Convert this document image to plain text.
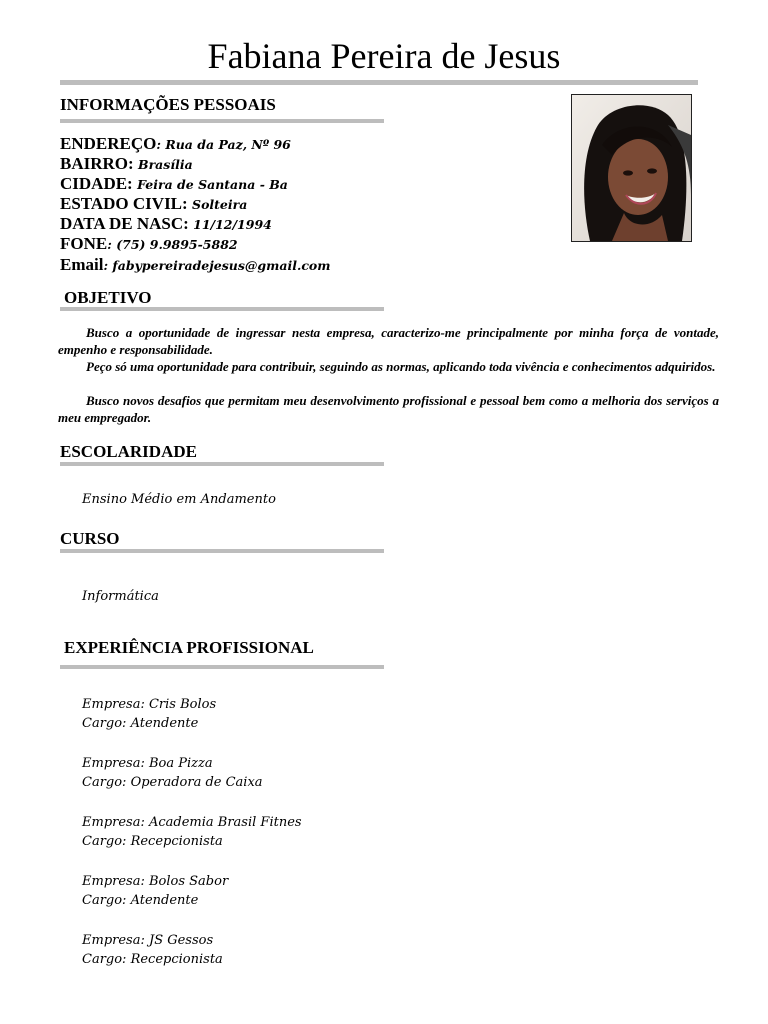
Fabiana Pereira de Jesus
INFORMAÇÕES PESSOAIS
ENDEREÇO: Rua da Paz, Nº 96
BAIRRO: Brasília
CIDADE: Feira de Santana - Ba
ESTADO CIVIL: Solteira
DATA DE NASC: 11/12/1994
FONE: (75) 9.9895-5882
Email: fabypereiradejesus@gmail.com
OBJETIVO

Busco a oportunidade de ingressar nesta empresa, caracterizo-me principalmente por minha força de vontade, empenho e responsabilidade.

Peço só uma oportunidade para contribuir, seguindo as normas, aplicando toda vivência e conhecimentos adquiridos.

Busco novos desafios que permitam meu desenvolvimento profissional e pessoal bem como a melhoria dos serviços a meu empregador.

ESCOLARIDADE
Ensino Médio em Andamento
CURSO
Informática
EXPERIÊNCIA PROFISSIONAL
Empresa: Cris Bolos
Cargo: Atendente
Empresa: Boa Pizza
Cargo: Operadora de Caixa
Empresa: Academia Brasil Fitnes
Cargo: Recepcionista
Empresa: Bolos Sabor
Cargo: Atendente
Empresa: JS Gessos
Cargo: Recepcionista
